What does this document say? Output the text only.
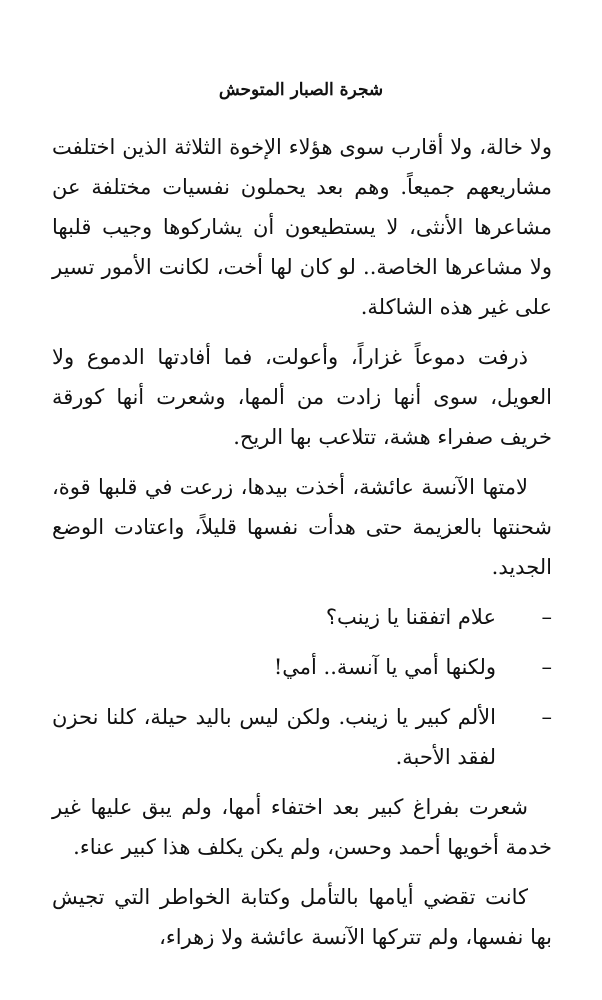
شجرة الصبار المتوحش

ولا خالة، ولا أقارب سوى هؤلاء الإخوة الثلاثة الذين اختلفت مشاريعهم جميعاً. وهم بعد يحملون نفسيات مختلفة عن مشاعرها الأنثى، لا يستطيعون أن يشاركوها وجيب قلبها ولا مشاعرها الخاصة.. لو كان لها أخت، لكانت الأمور تسير على غير هذه الشاكلة.

ذرفت دموعاً غزاراً، وأعولت، فما أفادتها الدموع ولا العويل، سوى أنها زادت من ألمها، وشعرت أنها كورقة خريف صفراء هشة، تتلاعب بها الريح.

لامتها الآنسة عائشة، أخذت بيدها، زرعت في قلبها قوة، شحنتها بالعزيمة حتى هدأت نفسها قليلاً، واعتادت الوضع الجديد.

–
علام اتفقنا يا زينب؟
–
ولكنها أمي يا آنسة.. أمي!
–
الألم كبير يا زينب. ولكن ليس باليد حيلة، كلنا نحزن لفقد الأحبة.

شعرت بفراغ كبير بعد اختفاء أمها، ولم يبق عليها غير خدمة أخويها أحمد وحسن، ولم يكن يكلف هذا كبير عناء.

كانت تقضي أيامها بالتأمل وكتابة الخواطر التي تجيش بها نفسها، ولم تتركها الآنسة عائشة ولا زهراء،
